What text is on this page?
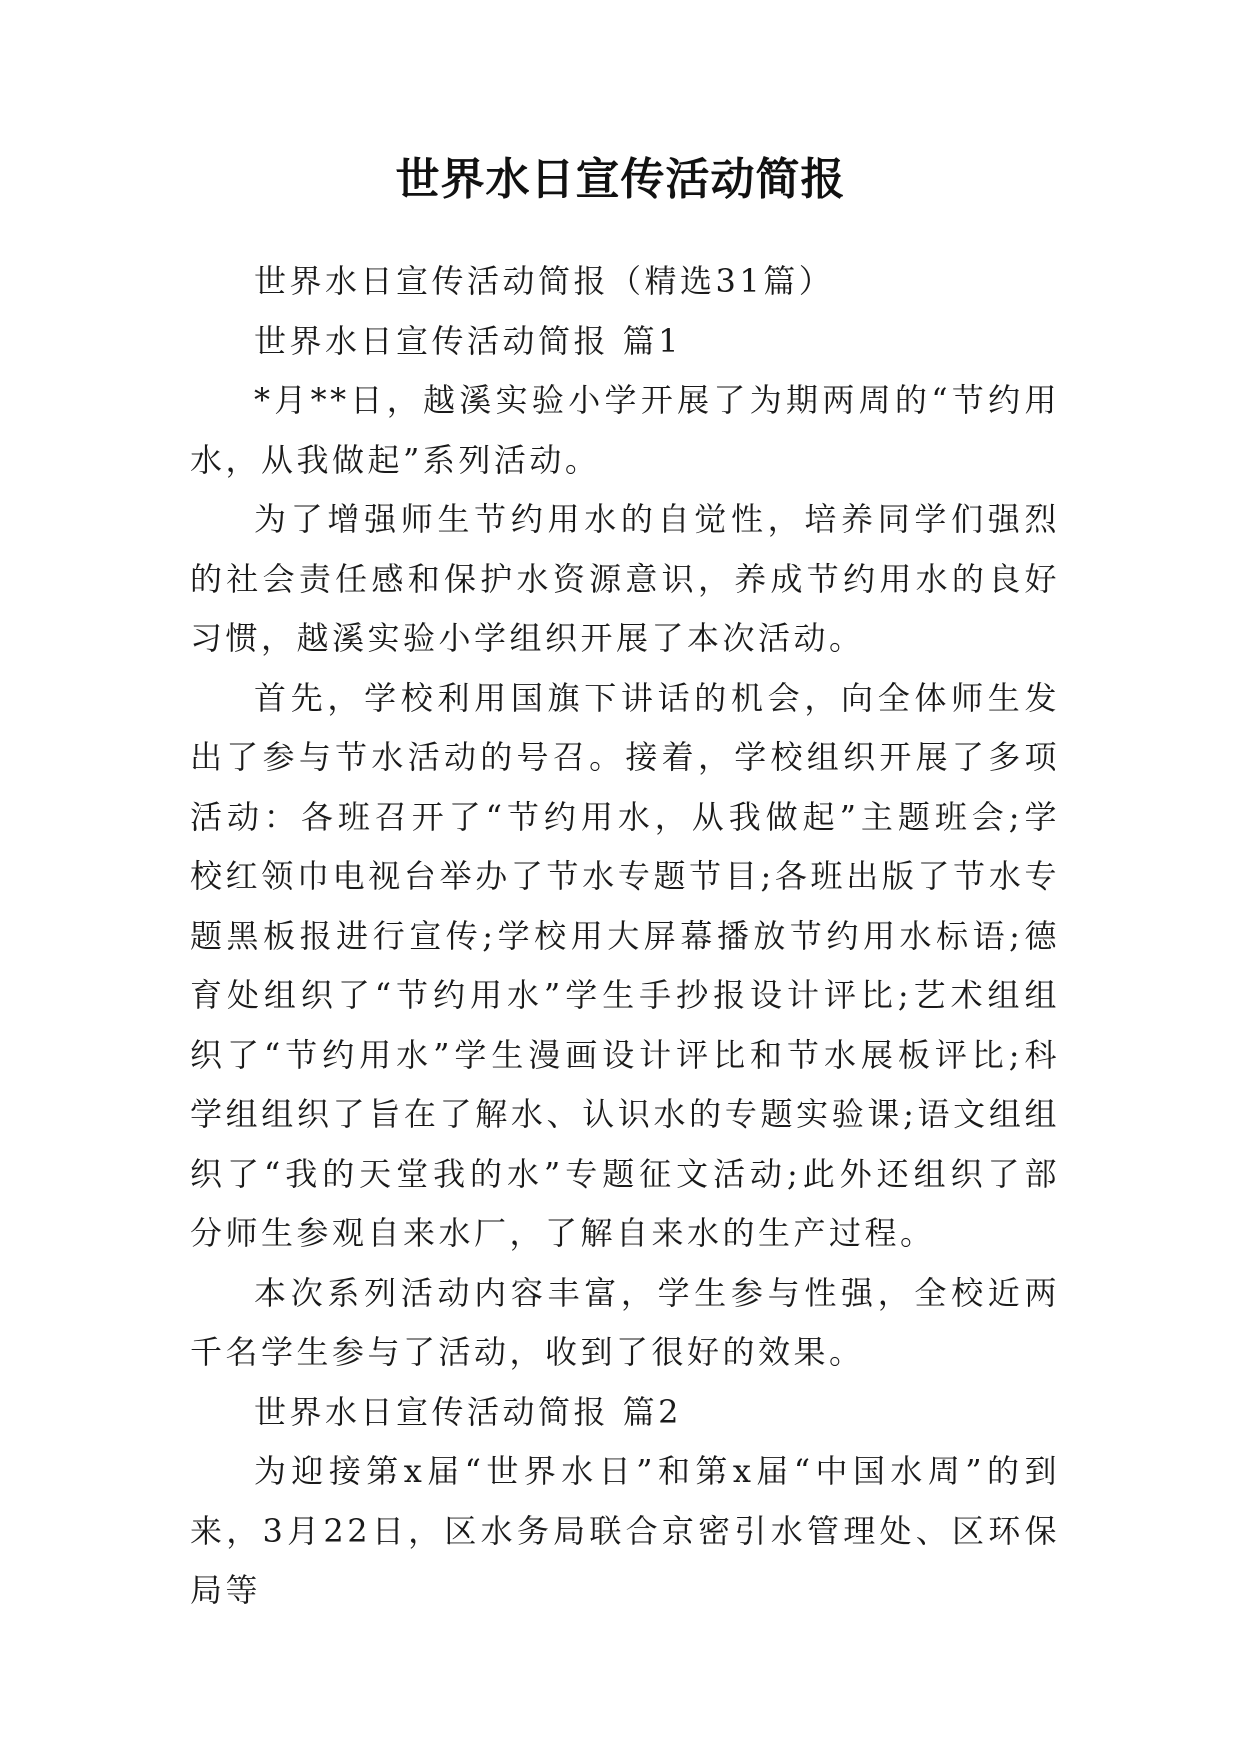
世界水日宣传活动简报

世界水日宣传活动简报（精选31篇）

世界水日宣传活动简报 篇1

*月**日，越溪实验小学开展了为期两周的“节约用水，从我做起”系列活动。

为了增强师生节约用水的自觉性，培养同学们强烈的社会责任感和保护水资源意识，养成节约用水的良好习惯，越溪实验小学组织开展了本次活动。

首先，学校利用国旗下讲话的机会，向全体师生发出了参与节水活动的号召。接着，学校组织开展了多项活动：各班召开了“节约用水，从我做起”主题班会;学校红领巾电视台举办了节水专题节目;各班出版了节水专题黑板报进行宣传;学校用大屏幕播放节约用水标语;德育处组织了“节约用水”学生手抄报设计评比;艺术组组织了“节约用水”学生漫画设计评比和节水展板评比;科学组组织了旨在了解水、认识水的专题实验课;语文组组织了“我的天堂我的水”专题征文活动;此外还组织了部分师生参观自来水厂，了解自来水的生产过程。

本次系列活动内容丰富，学生参与性强，全校近两千名学生参与了活动，收到了很好的效果。

世界水日宣传活动简报 篇2

为迎接第x届“世界水日”和第x届“中国水周”的到来，3月22日，区水务局联合京密引水管理处、区环保局等
